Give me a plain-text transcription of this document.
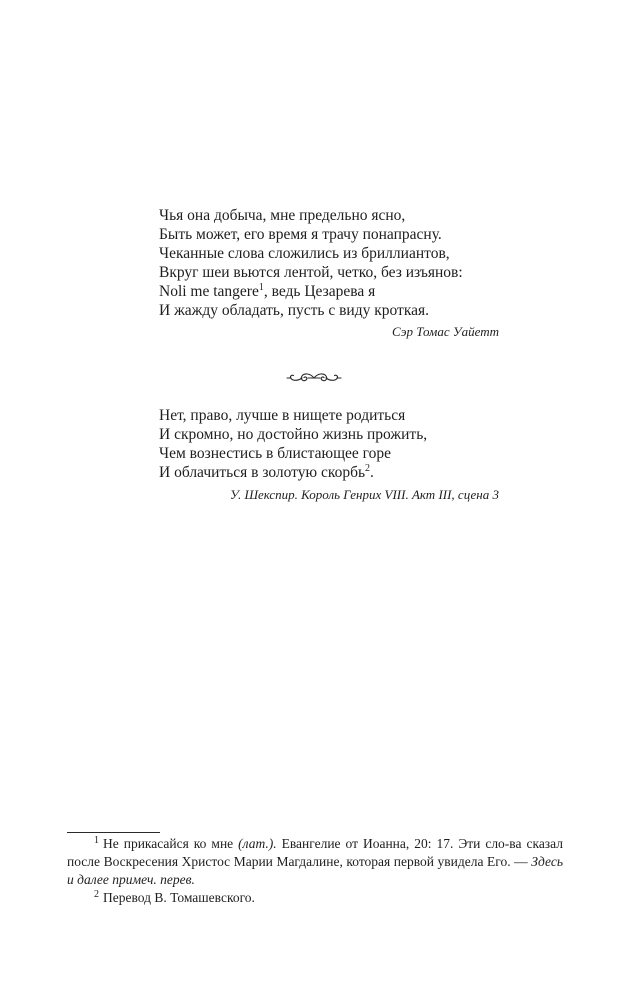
Чья она добыча, мне предельно ясно,
Быть может, его время я трачу понапрасну.
Чеканные слова сложились из бриллиантов,
Вкруг шеи вьются лентой, четко, без изъянов:
Noli me tangere$^1$, ведь Цезарева я
И жажду обладать, пусть с виду кроткая.
Сэр Томас Уайетт
Нет, право, лучше в нищете родиться
И скромно, но достойно жизнь прожить,
Чем вознестись в блистающее горе
И облачиться в золотую скорбь$^2$.
У. Шекспир. Король Генрих VIII. Акт III, сцена 3

$^1$ Не прикасайся ко мне (лат.). Евангелие от Иоанна, 20: 17. Эти сло-ва сказал после Воскресения Христос Марии Магдалине, которая первой увидела Его. — Здесь и далее примеч. перев.

$^2$ Перевод В. Томашевского.
